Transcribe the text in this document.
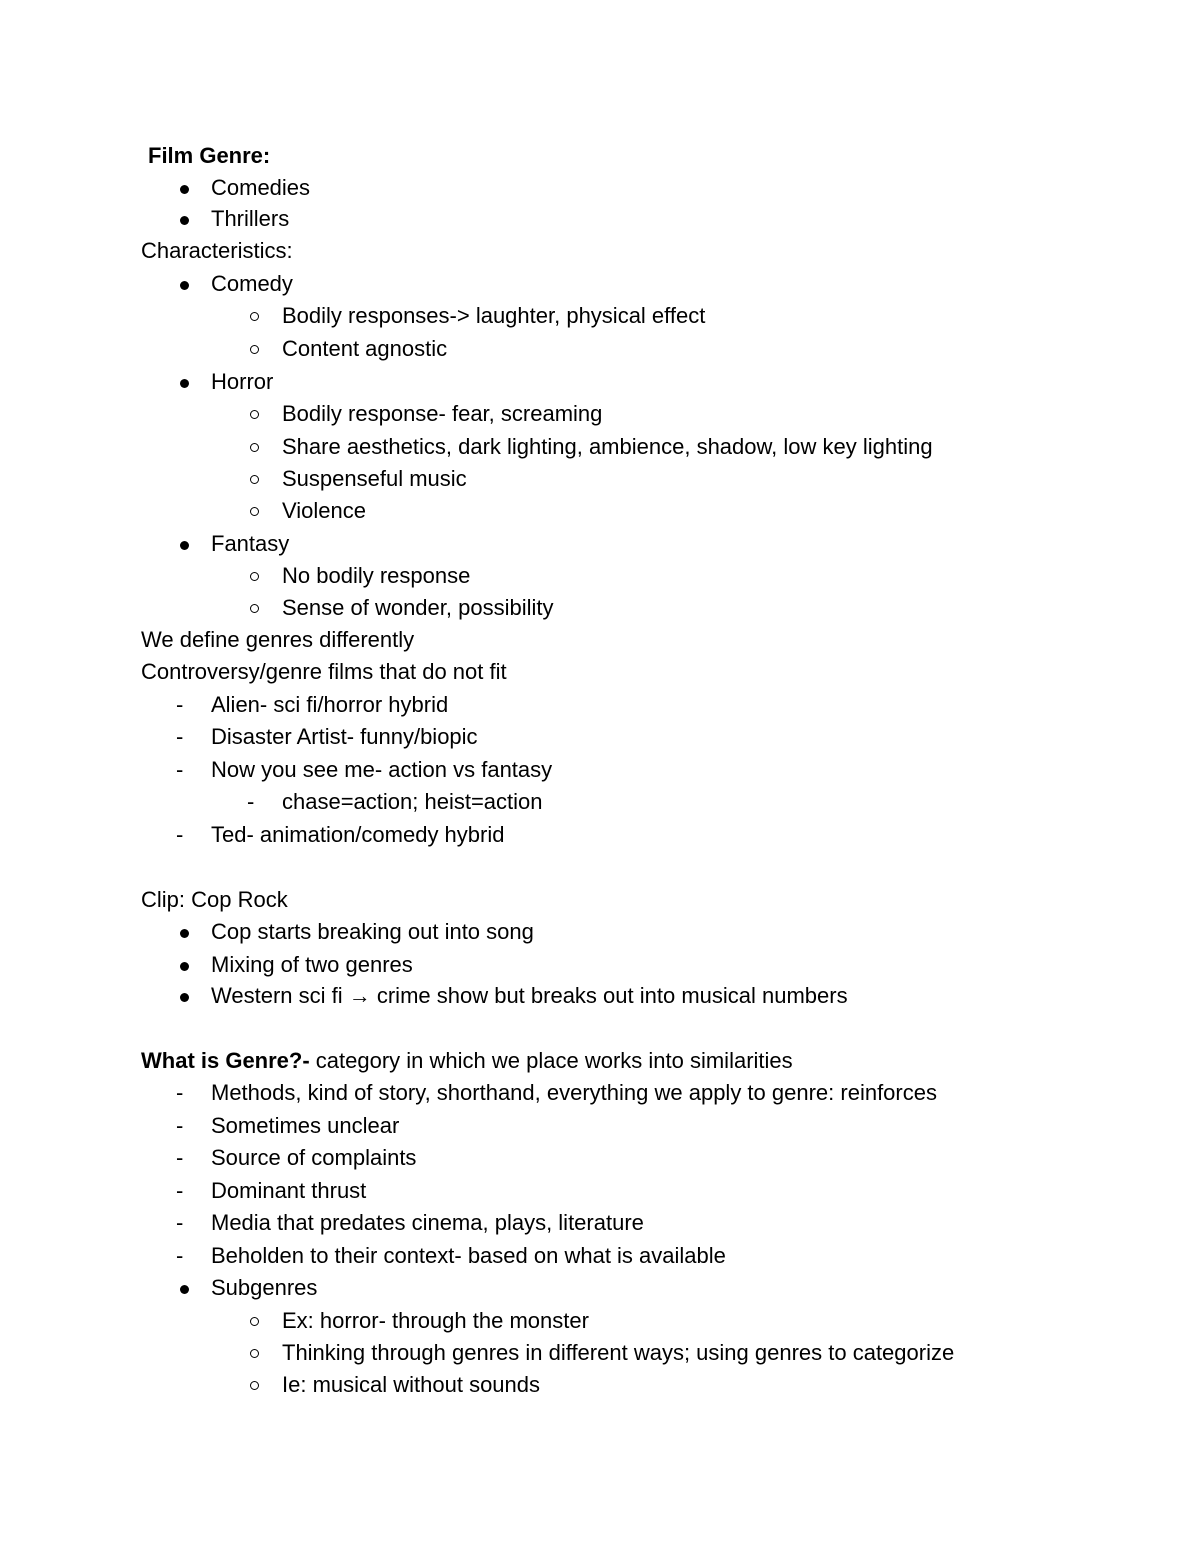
Film Genre:
Comedies
Thrillers
Characteristics:
Comedy
Bodily responses-> laughter, physical effect
Content agnostic
Horror
Bodily response- fear, screaming
Share aesthetics, dark lighting, ambience, shadow, low key lighting
Suspenseful music
Violence
Fantasy
No bodily response
Sense of wonder, possibility
We define genres differently
Controversy/genre films that do not fit
- Alien- sci fi/horror hybrid
- Disaster Artist- funny/biopic
- Now you see me- action vs fantasy
- chase=action; heist=action
- Ted- animation/comedy hybrid
Clip: Cop Rock
Cop starts breaking out into song
Mixing of two genres
Western sci fi → crime show but breaks out into musical numbers
What is Genre?- category in which we place works into similarities
- Methods, kind of story, shorthand, everything we apply to genre: reinforces
- Sometimes unclear
- Source of complaints
- Dominant thrust
- Media that predates cinema, plays, literature
- Beholden to their context- based on what is available
Subgenres
Ex: horror- through the monster
Thinking through genres in different ways; using genres to categorize
Ie: musical without sounds
